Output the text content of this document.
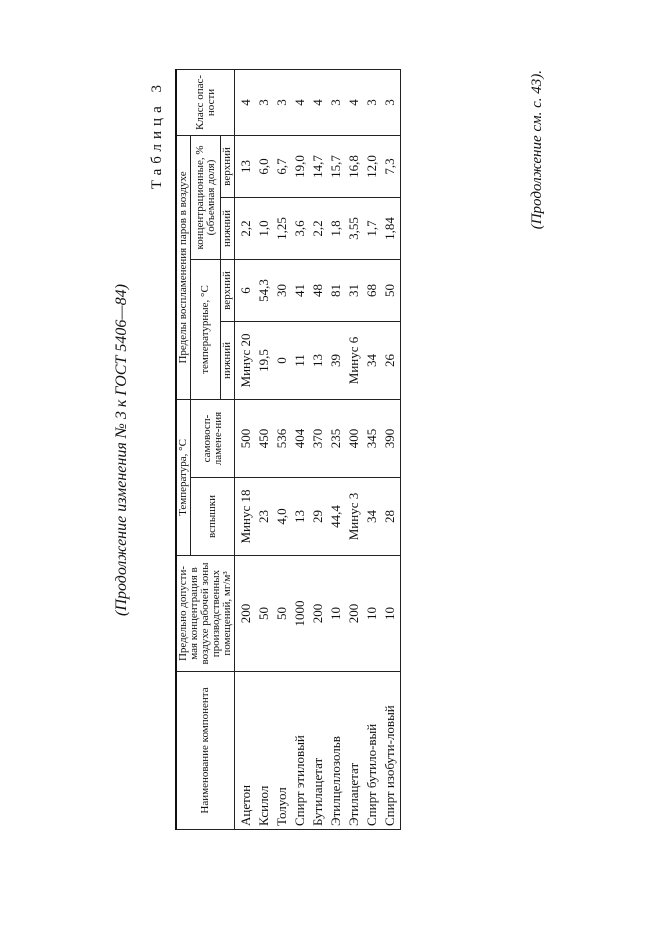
(Продолжение изменения № 3 к ГОСТ 5406—84)
Таблица 3
Наименование компонента	Предельно допусти-мая концентрация в воздухе рабочей зоны производственных помещений, мг/м³	Температура, °С		Пределы воспламенения паров в воздухе				Класс опас-ности
		вспышки	самовосп-ламене-ния	температурные, °С		концентрационные, % (объемная доля)		
				нижний	верхний	нижний	верхний	
Ацетон	200	Минус 18	500	Минус 20	6	2,2	13	4
Ксилол	50	23	450	19,5	54,3	1,0	6,0	3
Толуол	50	4,0	536	0	30	1,25	6,7	3
Спирт этиловый	1000	13	404	11	41	3,6	19,0	4
Бутилацетат	200	29	370	13	48	2,2	14,7	4
Этилцеллозольв	10	44,4	235	39	81	1,8	15,7	3
Этилацетат	200	Минус 3	400	Минус 6	31	3,55	16,8	4
Спирт бутило-вый	10	34	345	34	68	1,7	12,0	3
Спирт изобути-ловый	10	28	390	26	50	1,84	7,3	3	(Продолжение см. с. 43).
